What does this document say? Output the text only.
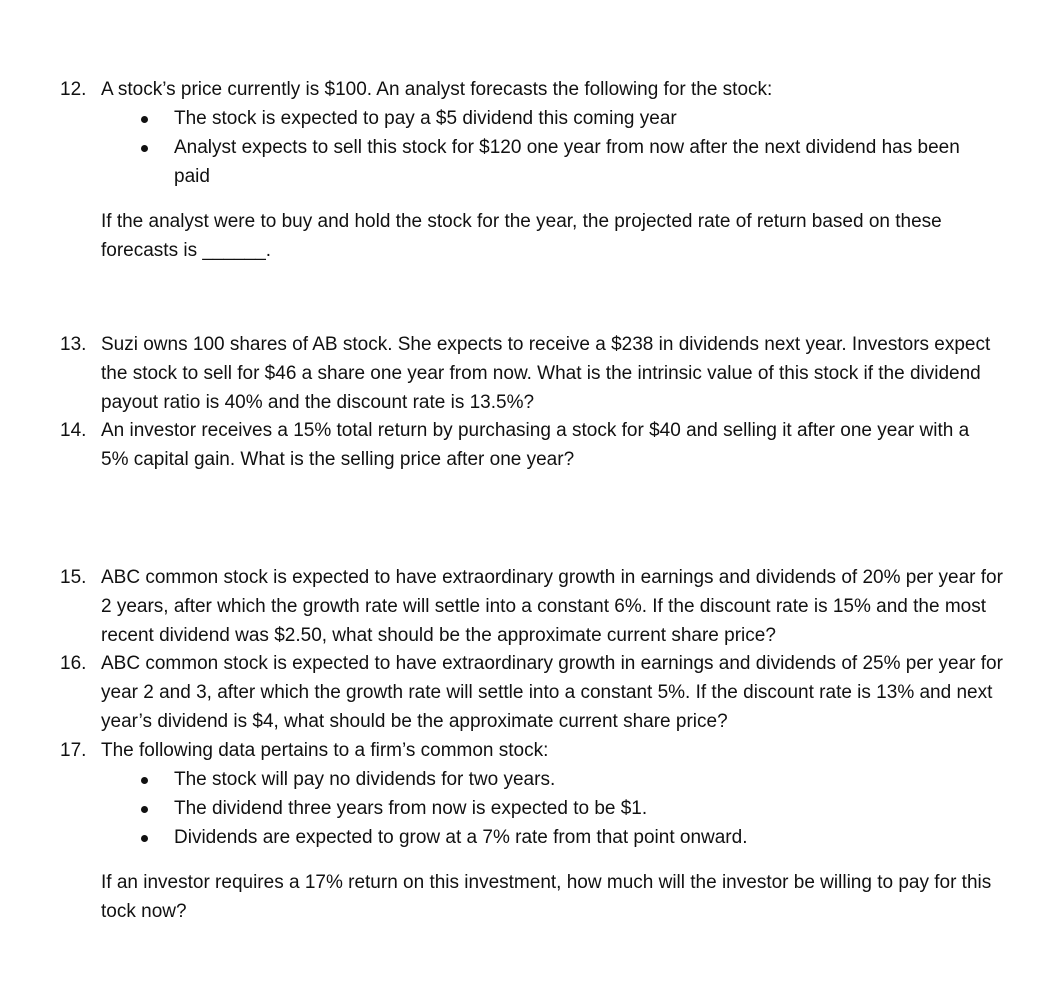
12. A stock’s price currently is $100. An analyst forecasts the following for the stock:
The stock is expected to pay a $5 dividend this coming year
Analyst expects to sell this stock for $120 one year from now after the next dividend has been paid
If the analyst were to buy and hold the stock for the year, the projected rate of return based on these forecasts is ______.
13. Suzi owns 100 shares of AB stock. She expects to receive a $238 in dividends next year. Investors expect the stock to sell for $46 a share one year from now. What is the intrinsic value of this stock if the dividend payout ratio is 40% and the discount rate is 13.5%?
14. An investor receives a 15% total return by purchasing a stock for $40 and selling it after one year with a 5% capital gain. What is the selling price after one year?
15. ABC common stock is expected to have extraordinary growth in earnings and dividends of 20% per year for 2 years, after which the growth rate will settle into a constant 6%. If the discount rate is 15% and the most recent dividend was $2.50, what should be the approximate current share price?
16. ABC common stock is expected to have extraordinary growth in earnings and dividends of 25% per year for year 2 and 3, after which the growth rate will settle into a constant 5%. If the discount rate is 13% and next year’s dividend is $4, what should be the approximate current share price?
17. The following data pertains to a firm’s common stock:
The stock will pay no dividends for two years.
The dividend three years from now is expected to be $1.
Dividends are expected to grow at a 7% rate from that point onward.
If an investor requires a 17% return on this investment, how much will the investor be willing to pay for this tock now?
